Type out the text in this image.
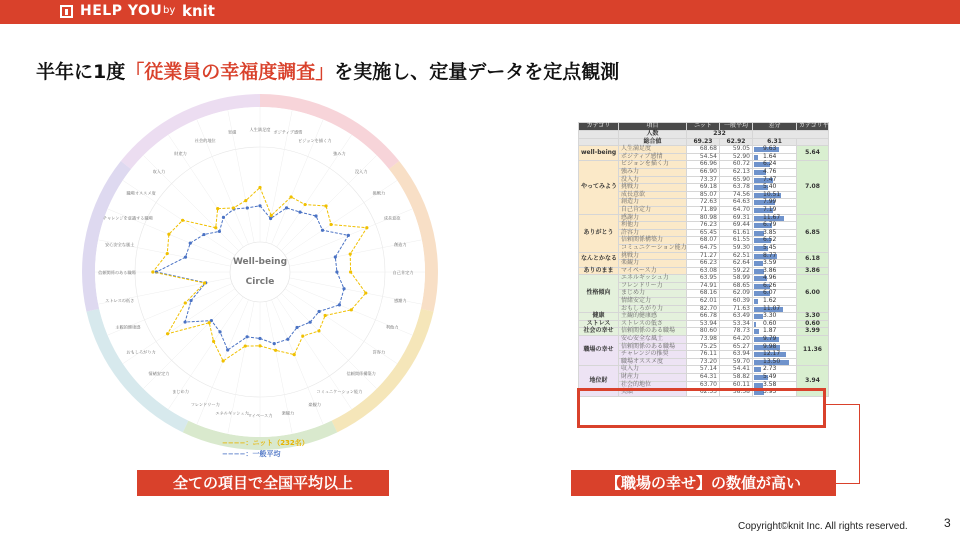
HELP YOU by knit
半年に1度「従業員の幸福度調査」を実施し、定量データを定点観測
人生満足度
ポジティブ感情
ビジョンを描く力
強み力
没入力
挑戦力
成長意欲
創造力
自己肯定力
感謝力
利他力
許容力
信頼関係構築力
コミュニケーション能力
楽観力
楽観力
マイペース力
エネルギッシュ力
フレンドリー力
まじめ力
情緒安定力
おもしろがり力
主観的健康感
ストレスの低さ
信頼関係のある職場
安心安全な風土
チャレンジを意識する職場
職場オススメ度
収入力
財産力
社会的地位
実績
Well-being
Circle
−−−−：ニット（232名）
−−−−：一般平均
カテゴリ	項目	ニット	一般平均	差分	カテゴリ平均
	人数	232			
	総合値	69.23	62.92	6.31	
well-being	人生満足度	68.68	59.05	9.63	5.64
	ポジティブ感情	54.54	52.90	1.64	
やってみよう	ビジョンを描く力	66.96	60.72	6.24	7.08
	強み力	66.90	62.13	4.76	
	没入力	73.37	65.90	7.47	
	挑戦力	69.18	63.78	5.40	
	成長意欲	85.07	74.56	10.51	
	創造力	72.63	64.63	7.99	
	自己肯定力	71.89	64.70	7.19	
ありがとう	感謝力	80.98	69.31	11.67	6.85
	利他力	76.23	69.44	6.79	
	許容力	65.45	61.61	3.85	
	信頼関係構築力	68.07	61.55	6.52	
	コミュニケーション能力	64.75	59.30	5.45	
なんとかなる	挑戦力	71.27	62.51	8.77	6.18
	楽観力	66.23	62.64	3.59	
ありのまま	マイペース力	63.08	59.22	3.86	3.86
性格傾向	エネルギッシュ力	63.95	58.99	4.96	6.00
	フレンドリー力	74.91	68.65	6.26	
	まじめ力	68.16	62.09	6.07	
	情緒安定力	62.01	60.39	1.62	
	おもしろがり力	82.70	71.63	11.07	
健康	主観的健康感	66.78	63.49	3.30	3.30
ストレス	ストレスの低さ	53.94	53.34	0.60	0.60
社会の幸せ	信頼関係のある職場	80.60	78.73	1.87	3.99
職場の幸せ	安心安全な風土	73.98	64.20	9.79	11.36
	信頼関係のある職場	75.25	65.27	9.98	
	チャレンジの推奨	76.11	63.94	12.17	
	職場オススメ度	73.20	59.70	13.50	
地位財	収入力	57.14	54.41	2.73	3.94
	財産力	64.31	58.82	5.49	
	社会的地位	63.70	60.11	3.58	
	実績	62.53	58.58	3.95	
全ての項目で全国平均以上	【職場の幸せ】の数値が高い
Copyright©knit Inc. All rights reserved.	3
